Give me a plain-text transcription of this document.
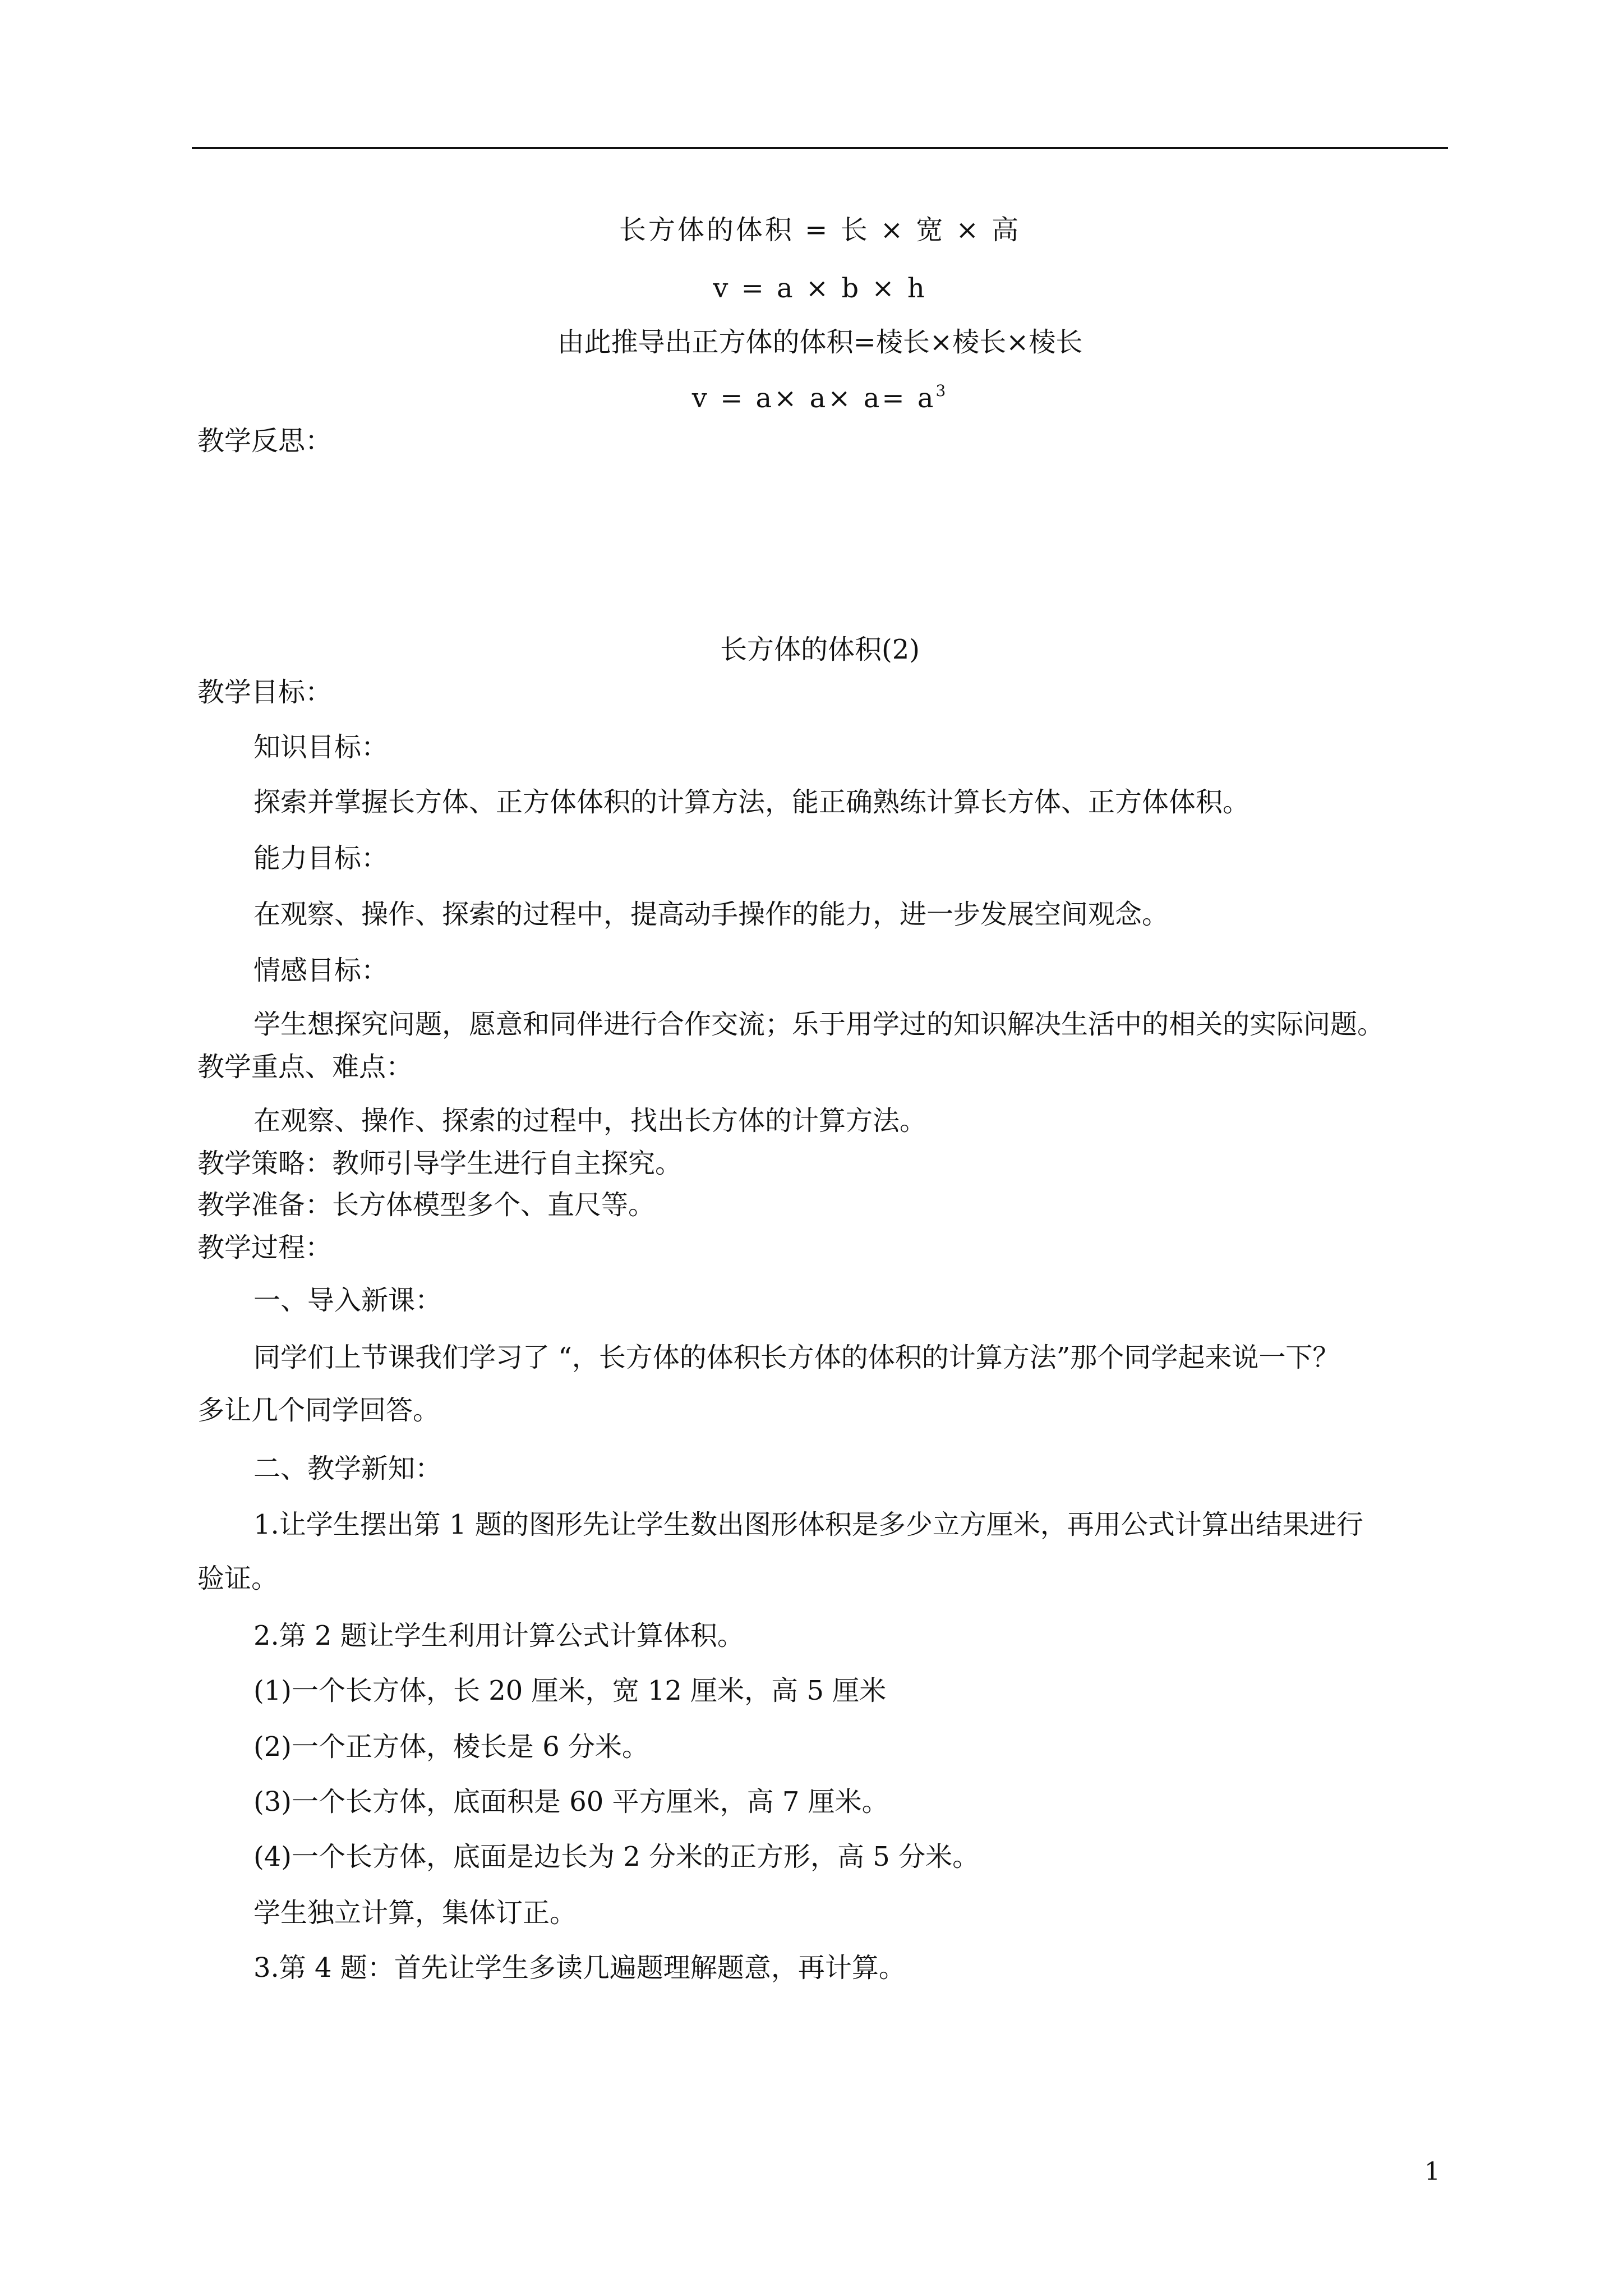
长方体的体积 = 长 × 宽 × 高
v = a × b × h
由此推导出正方体的体积=棱长×棱长×棱长
$v = a\times a\times a= a^3$
教学反思：
长方体的体积(2)
教学目标：
知识目标：
探索并掌握长方体、正方体体积的计算方法，能正确熟练计算长方体、正方体体积。
能力目标：
在观察、操作、探索的过程中，提高动手操作的能力，进一步发展空间观念。
情感目标：
学生想探究问题，愿意和同伴进行合作交流；乐于用学过的知识解决生活中的相关的实际问题。
教学重点、难点：
在观察、操作、探索的过程中，找出长方体的计算方法。
教学策略：教师引导学生进行自主探究。
教学准备：长方体模型多个、直尺等。
教学过程：
一、导入新课：
同学们上节课我们学习了 “，长方体的体积长方体的体积的计算方法”那个同学起来说一下？
多让几个同学回答。
二、教学新知：
1.让学生摆出第 1 题的图形先让学生数出图形体积是多少立方厘米，再用公式计算出结果进行
验证。
2.第 2 题让学生利用计算公式计算体积。
(1)一个长方体，长 20 厘米，宽 12 厘米，高 5 厘米
(2)一个正方体，棱长是 6 分米。
(3)一个长方体，底面积是 60 平方厘米，高 7 厘米。
(4)一个长方体，底面是边长为 2 分米的正方形，高 5 分米。
学生独立计算，集体订正。
3.第 4 题：首先让学生多读几遍题理解题意，再计算。
1
